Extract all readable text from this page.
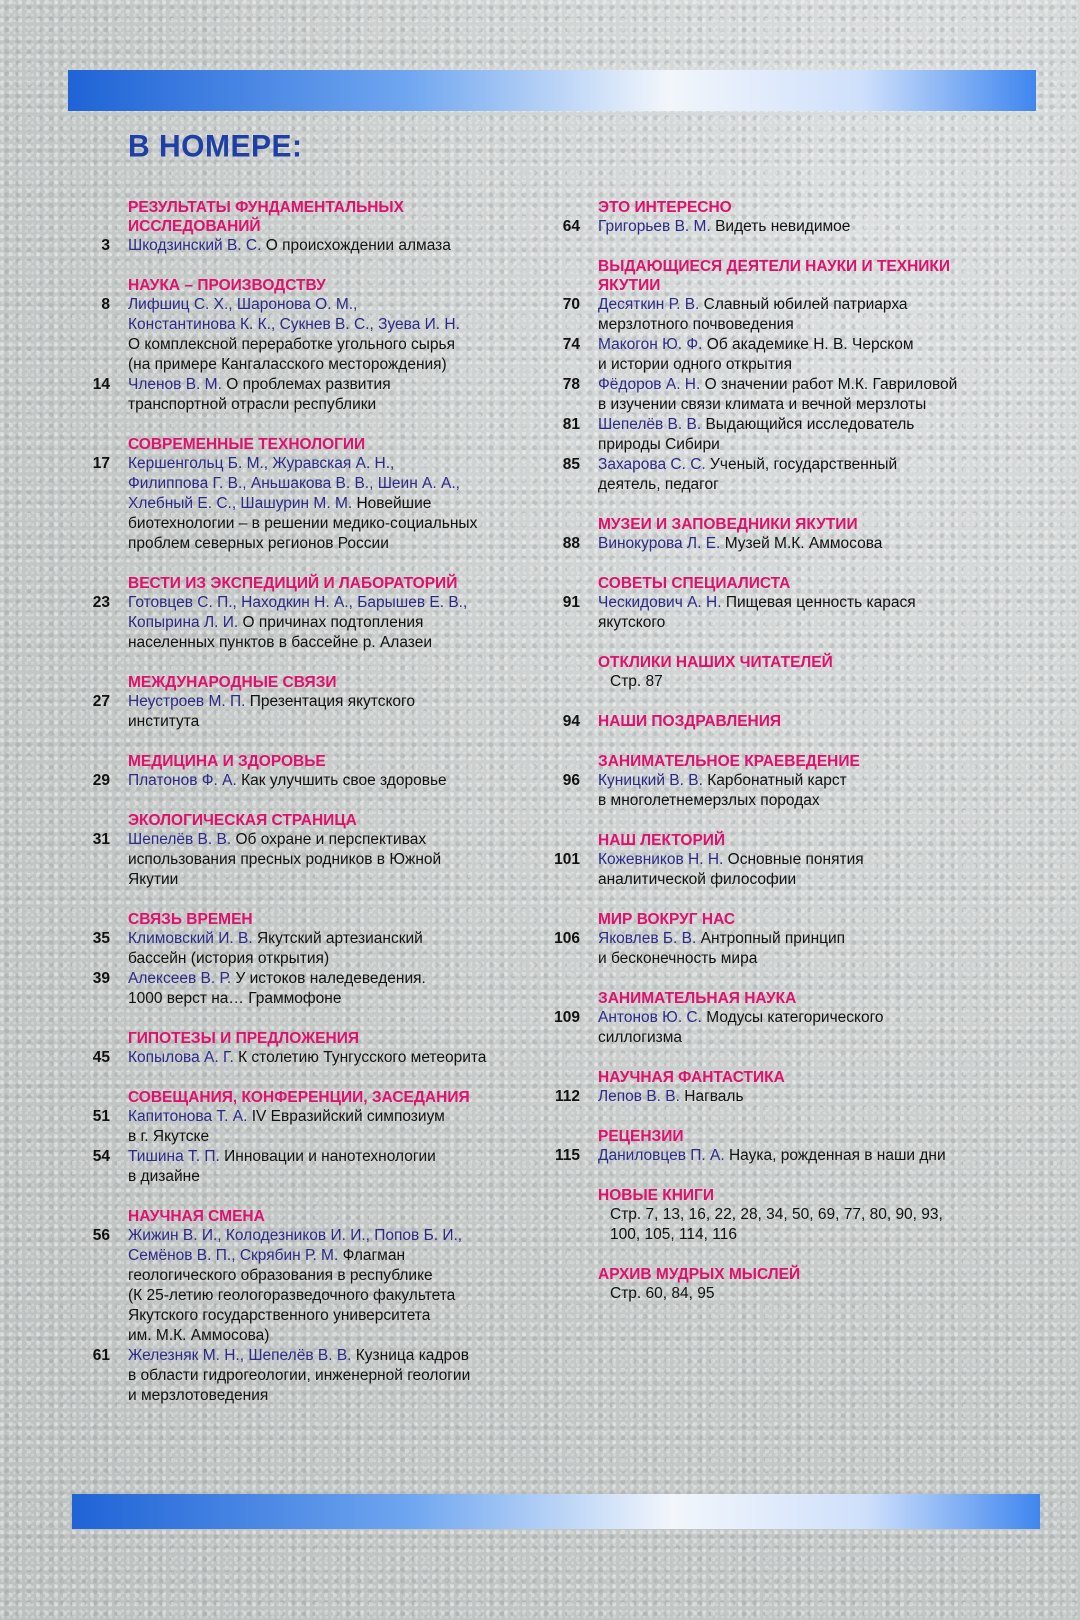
В НОМЕРЕ:
РЕЗУЛЬТАТЫ ФУНДАМЕНТАЛЬНЫХ
ИССЛЕДОВАНИЙ
3 Шкодзинский В. С. О происхождении алмаза
НАУКА – ПРОИЗВОДСТВУ
8 Лифшиц С. Х., Шаронова О. М.,
Константинова К. К., Сукнев В. С., Зуева И. Н.
О комплексной переработке угольного сырья
(на примере Кангаласского месторождения)
14 Членов В. М. О проблемах развития
транспортной отрасли республики
СОВРЕМЕННЫЕ ТЕХНОЛОГИИ
17 Кершенгольц Б. М., Журавская А. Н.,
Филиппова Г. В., Аньшакова В. В., Шеин А. А.,
Хлебный Е. С., Шашурин М. М. Новейшие
биотехнологии – в решении медико-социальных
проблем северных регионов России
ВЕСТИ ИЗ ЭКСПЕДИЦИЙ И ЛАБОРАТОРИЙ
23 Готовцев С. П., Находкин Н. А., Барышев Е. В.,
Копырина Л. И. О причинах подтопления
населенных пунктов в бассейне р. Алазеи
МЕЖДУНАРОДНЫЕ СВЯЗИ
27 Неустроев М. П. Презентация якутского
института
МЕДИЦИНА И ЗДОРОВЬЕ
29 Платонов Ф. А. Как улучшить свое здоровье
ЭКОЛОГИЧЕСКАЯ СТРАНИЦА
31 Шепелёв В. В. Об охране и перспективах
использования пресных родников в Южной
Якутии
СВЯЗЬ ВРЕМЕН
35 Климовский И. В. Якутский артезианский
бассейн (история открытия)
39 Алексеев В. Р. У истоков наледеведения.
1000 верст на… Граммофоне
ГИПОТЕЗЫ И ПРЕДЛОЖЕНИЯ
45 Копылова А. Г. К столетию Тунгусского метеорита
СОВЕЩАНИЯ, КОНФЕРЕНЦИИ, ЗАСЕДАНИЯ
51 Капитонова Т. А. IV Евразийский симпозиум
в г. Якутске
54 Тишина Т. П. Инновации и нанотехнологии
в дизайне
НАУЧНАЯ СМЕНА
56 Жижин В. И., Колодезников И. И., Попов Б. И.,
Семёнов В. П., Скрябин Р. М. Флагман
геологического образования в республике
(К 25-летию геологоразведочного факультета
Якутского государственного университета
им. М.К. Аммосова)
61 Железняк М. Н., Шепелёв В. В. Кузница кадров
в области гидрогеологии, инженерной геологии
и мерзлотоведения
ЭТО ИНТЕРЕСНО
64 Григорьев В. М. Видеть невидимое
ВЫДАЮЩИЕСЯ ДЕЯТЕЛИ НАУКИ И ТЕХНИКИ
ЯКУТИИ
70 Десяткин Р. В. Славный юбилей патриарха
мерзлотного почвоведения
74 Макогон Ю. Ф. Об академике Н. В. Черском
и истории одного открытия
78 Фёдоров А. Н. О значении работ М.К. Гавриловой
в изучении связи климата и вечной мерзлоты
81 Шепелёв В. В. Выдающийся исследователь
природы Сибири
85 Захарова С. С. Ученый, государственный
деятель, педагог
МУЗЕИ И ЗАПОВЕДНИКИ ЯКУТИИ
88 Винокурова Л. Е. Музей М.К. Аммосова
СОВЕТЫ СПЕЦИАЛИСТА
91 Ческидович А. Н. Пищевая ценность карася
якутского
ОТКЛИКИ НАШИХ ЧИТАТЕЛЕЙ
Стр. 87
94 НАШИ ПОЗДРАВЛЕНИЯ
ЗАНИМАТЕЛЬНОЕ КРАЕВЕДЕНИЕ
96 Куницкий В. В. Карбонатный карст
в многолетнемерзлых породах
НАШ ЛЕКТОРИЙ
101 Кожевников Н. Н. Основные понятия
аналитической философии
МИР ВОКРУГ НАС
106 Яковлев Б. В. Антропный принцип
и бесконечность мира
ЗАНИМАТЕЛЬНАЯ НАУКА
109 Антонов Ю. С. Модусы категорического
силлогизма
НАУЧНАЯ ФАНТАСТИКА
112 Лепов В. В. Нагваль
РЕЦЕНЗИИ
115 Даниловцев П. А. Наука, рожденная в наши дни
НОВЫЕ КНИГИ
Стр. 7, 13, 16, 22, 28, 34, 50, 69, 77, 80, 90, 93,
100, 105, 114, 116
АРХИВ МУДРЫХ МЫСЛЕЙ
Стр. 60, 84, 95
